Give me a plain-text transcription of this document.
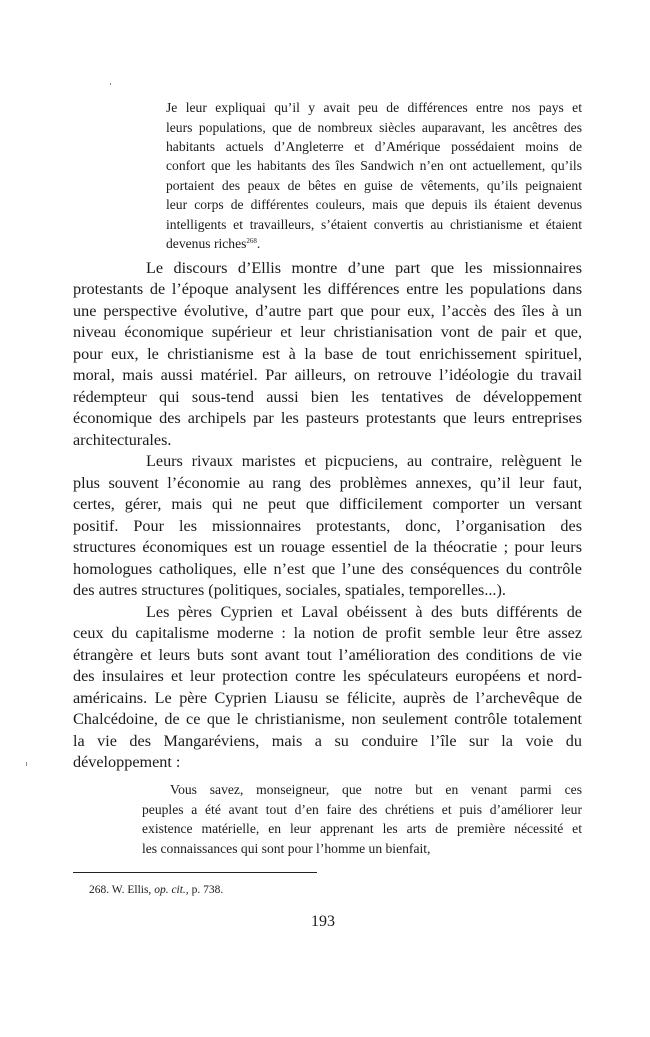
Je leur expliquai qu’il y avait peu de différences entre nos pays et
leurs populations, que de nombreux siècles auparavant, les ancêtres des
habitants actuels d’Angleterre et d’Amérique possédaient moins de
confort que les habitants des îles Sandwich n’en ont actuellement, qu’ils
portaient des peaux de bêtes en guise de vêtements, qu’ils peignaient
leur corps de différentes couleurs, mais que depuis ils étaient devenus
intelligents et travailleurs, s’étaient convertis au christianisme et étaient
devenus riches$^{268}$.
Le discours d’Ellis montre d’une part que les missionnaires
protestants de l’époque analysent les différences entre les populations dans
une perspective évolutive, d’autre part que pour eux, l’accès des îles à un
niveau économique supérieur et leur christianisation vont de pair et que,
pour eux, le christianisme est à la base de tout enrichissement spirituel,
moral, mais aussi matériel. Par ailleurs, on retrouve l’idéologie du travail
rédempteur qui sous-tend aussi bien les tentatives de développement
économique des archipels par les pasteurs protestants que leurs entreprises
architecturales.
Leurs rivaux maristes et picpuciens, au contraire, relèguent le
plus souvent l’économie au rang des problèmes annexes, qu’il leur faut,
certes, gérer, mais qui ne peut que difficilement comporter un versant
positif. Pour les missionnaires protestants, donc, l’organisation des
structures économiques est un rouage essentiel de la théocratie ; pour leurs
homologues catholiques, elle n’est que l’une des conséquences du contrôle
des autres structures (politiques, sociales, spatiales, temporelles...).
Les pères Cyprien et Laval obéissent à des buts différents de
ceux du capitalisme moderne : la notion de profit semble leur être assez
étrangère et leurs buts sont avant tout l’amélioration des conditions de vie
des insulaires et leur protection contre les spéculateurs européens et nord-
américains. Le père Cyprien Liausu se félicite, auprès de l’archevêque de
Chalcédoine, de ce que le christianisme, non seulement contrôle totalement
la vie des Mangaréviens, mais a su conduire l’île sur la voie du
développement :
Vous savez, monseigneur, que notre but en venant parmi ces
peuples a été avant tout d’en faire des chrétiens et puis d’améliorer leur
existence matérielle, en leur apprenant les arts de première nécessité et
les connaissances qui sont pour l’homme un bienfait,
268. W. Ellis, op. cit., p. 738.
193
